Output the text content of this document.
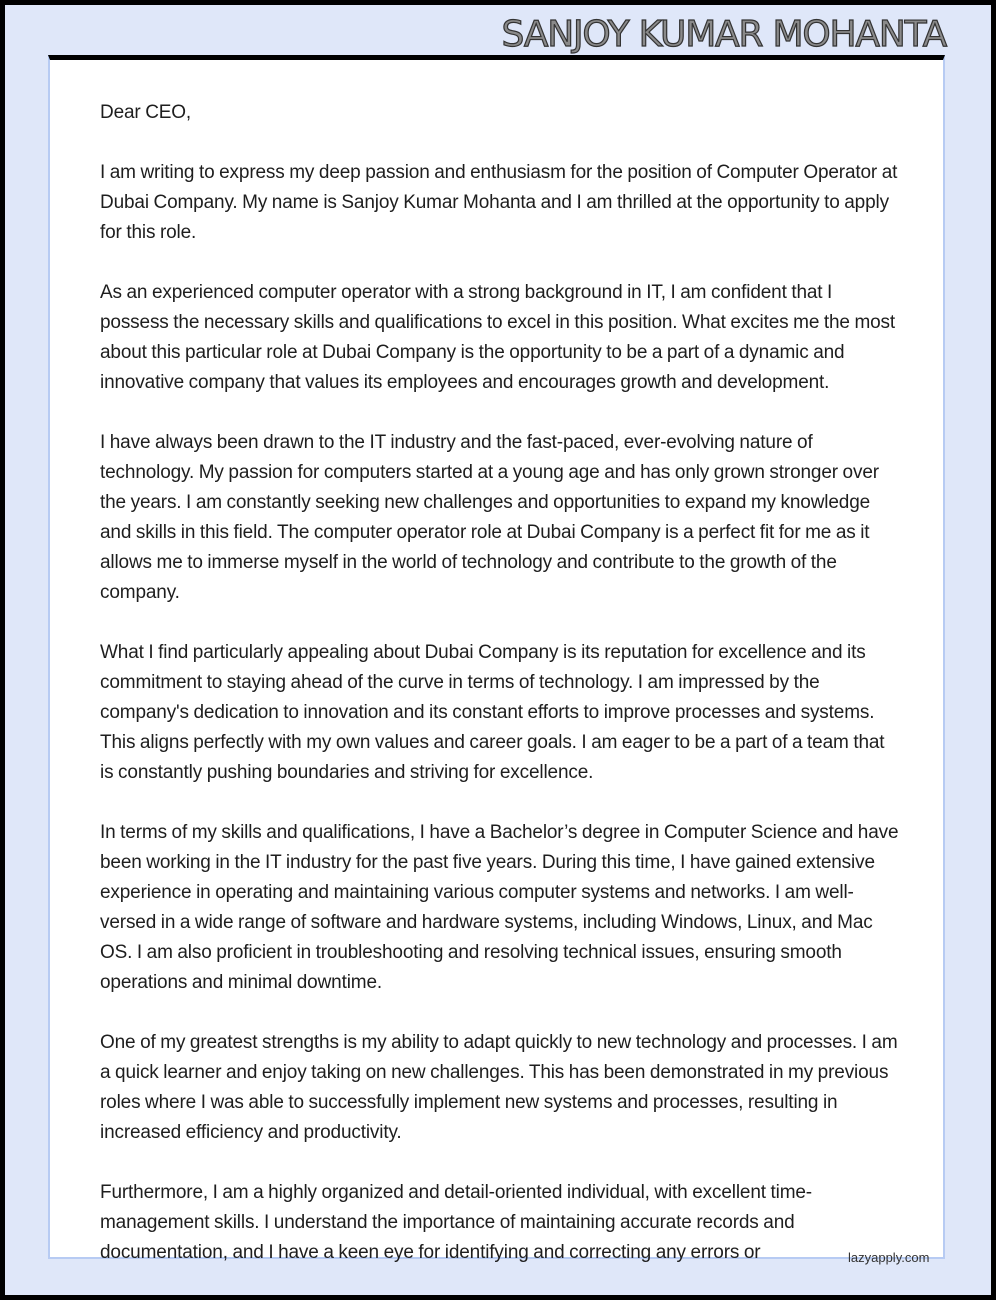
SANJOY KUMAR MOHANTA

Dear CEO,

I am writing to express my deep passion and enthusiasm for the position of Computer Operator at Dubai Company. My name is Sanjoy Kumar Mohanta and I am thrilled at the opportunity to apply for this role.

As an experienced computer operator with a strong background in IT, I am confident that I possess the necessary skills and qualifications to excel in this position. What excites me the most about this particular role at Dubai Company is the opportunity to be a part of a dynamic and innovative company that values its employees and encourages growth and development.

I have always been drawn to the IT industry and the fast-paced, ever-evolving nature of technology. My passion for computers started at a young age and has only grown stronger over the years. I am constantly seeking new challenges and opportunities to expand my knowledge and skills in this field. The computer operator role at Dubai Company is a perfect fit for me as it allows me to immerse myself in the world of technology and contribute to the growth of the company.

What I find particularly appealing about Dubai Company is its reputation for excellence and its commitment to staying ahead of the curve in terms of technology. I am impressed by the company's dedication to innovation and its constant efforts to improve processes and systems. This aligns perfectly with my own values and career goals. I am eager to be a part of a team that is constantly pushing boundaries and striving for excellence.

In terms of my skills and qualifications, I have a Bachelor’s degree in Computer Science and have been working in the IT industry for the past five years. During this time, I have gained extensive experience in operating and maintaining various computer systems and networks. I am well-versed in a wide range of software and hardware systems, including Windows, Linux, and Mac OS. I am also proficient in troubleshooting and resolving technical issues, ensuring smooth operations and minimal downtime.

One of my greatest strengths is my ability to adapt quickly to new technology and processes. I am a quick learner and enjoy taking on new challenges. This has been demonstrated in my previous roles where I was able to successfully implement new systems and processes, resulting in increased efficiency and productivity.

Furthermore, I am a highly organized and detail-oriented individual, with excellent time-management skills. I understand the importance of maintaining accurate records and documentation, and I have a keen eye for identifying and correcting any errors or	lazyapply.com
